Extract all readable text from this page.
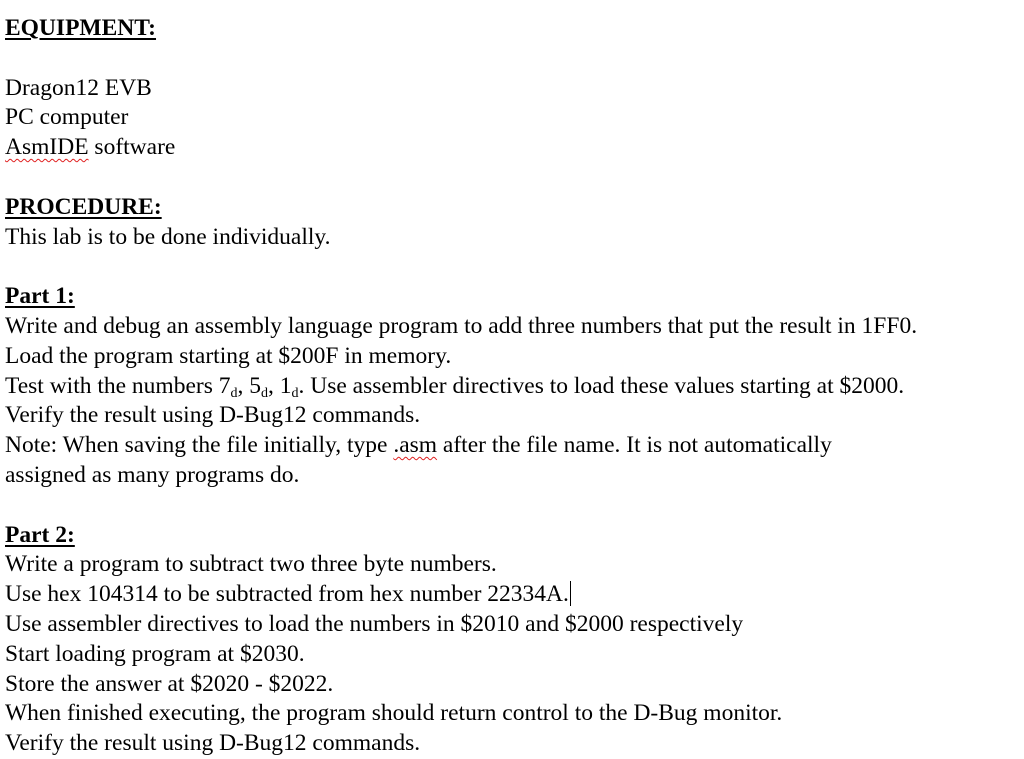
EQUIPMENT:
Dragon12 EVB
PC computer
AsmIDE software
PROCEDURE:
This lab is to be done individually.
Part 1:
Write and debug an assembly language program to add three numbers that put the result in 1FF0.
Load the program starting at $200F in memory.
Test with the numbers $7_d$, $5_d$, $1_d$. Use assembler directives to load these values starting at $2000.
Verify the result using D-Bug12 commands.
Note: When saving the file initially, type .asm after the file name. It is not automatically
assigned as many programs do.
Part 2:
Write a program to subtract two three byte numbers.
Use hex 104314 to be subtracted from hex number 22334A.
Use assembler directives to load the numbers in $2010 and $2000 respectively
Start loading program at $2030.
Store the answer at $2020 - $2022.
When finished executing, the program should return control to the D-Bug monitor.
Verify the result using D-Bug12 commands.
